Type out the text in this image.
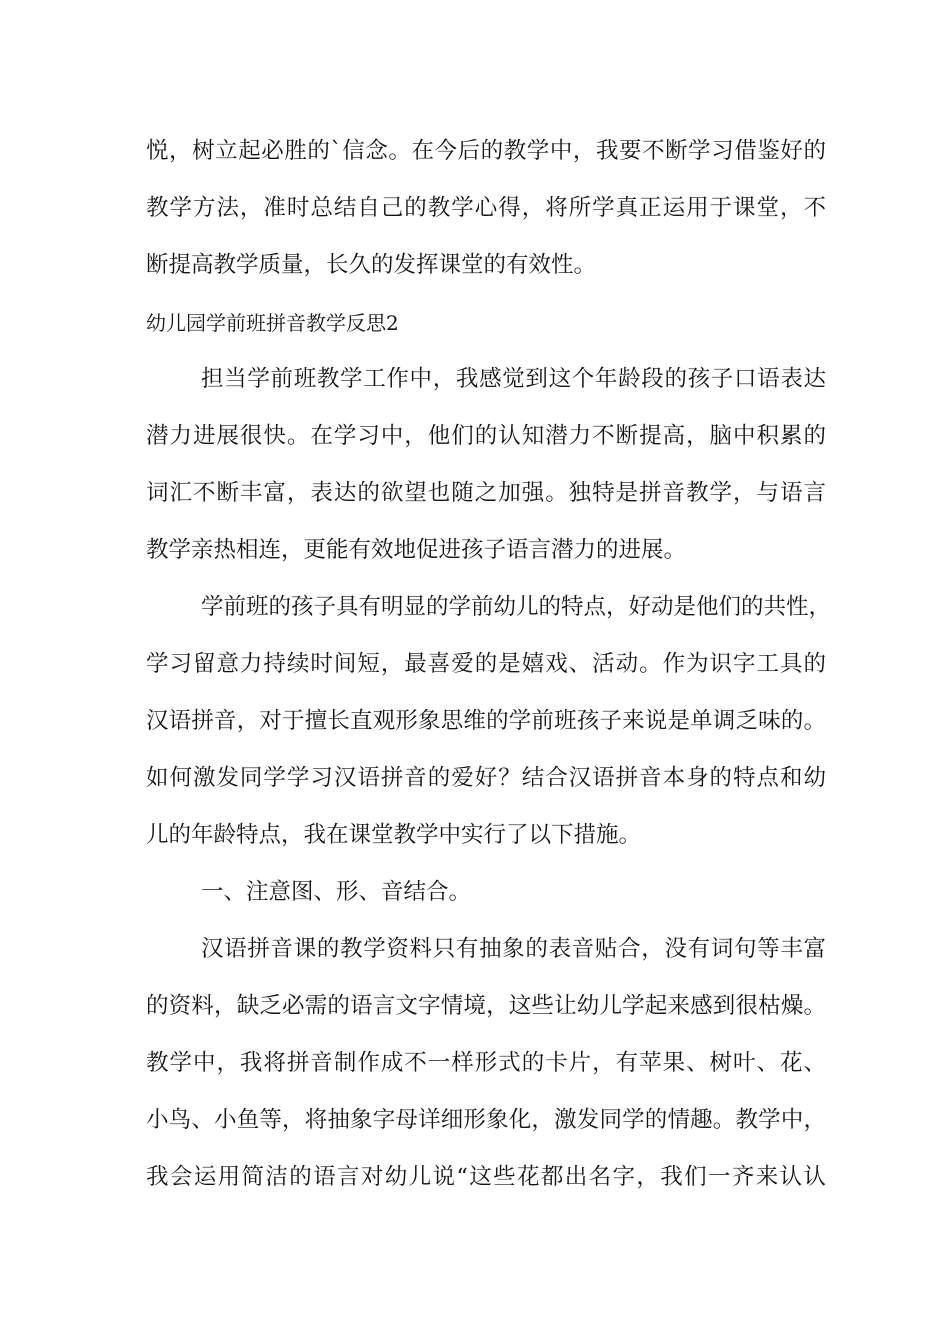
悦，树立起必胜的`信念。在今后的教学中，我要不断学习借鉴好的

教学方法，准时总结自己的教学心得，将所学真正运用于课堂，不

断提高教学质量，长久的发挥课堂的有效性。

幼儿园学前班拼音教学反思2

担当学前班教学工作中，我感觉到这个年龄段的孩子口语表达

潜力进展很快。在学习中，他们的认知潜力不断提高，脑中积累的

词汇不断丰富，表达的欲望也随之加强。独特是拼音教学，与语言

教学亲热相连，更能有效地促进孩子语言潜力的进展。

学前班的孩子具有明显的学前幼儿的特点，好动是他们的共性，

学习留意力持续时间短，最喜爱的是嬉戏、活动。作为识字工具的

汉语拼音，对于擅长直观形象思维的学前班孩子来说是单调乏味的。

如何激发同学学习汉语拼音的爱好？结合汉语拼音本身的特点和幼

儿的年龄特点，我在课堂教学中实行了以下措施。

一、注意图、形、音结合。

汉语拼音课的教学资料只有抽象的表音贴合，没有词句等丰富

的资料，缺乏必需的语言文字情境，这些让幼儿学起来感到很枯燥。

教学中，我将拼音制作成不一样形式的卡片，有苹果、树叶、花、

小鸟、小鱼等，将抽象字母详细形象化，激发同学的情趣。教学中，

我会运用简洁的语言对幼儿说“这些花都出名字，我们一齐来认认
